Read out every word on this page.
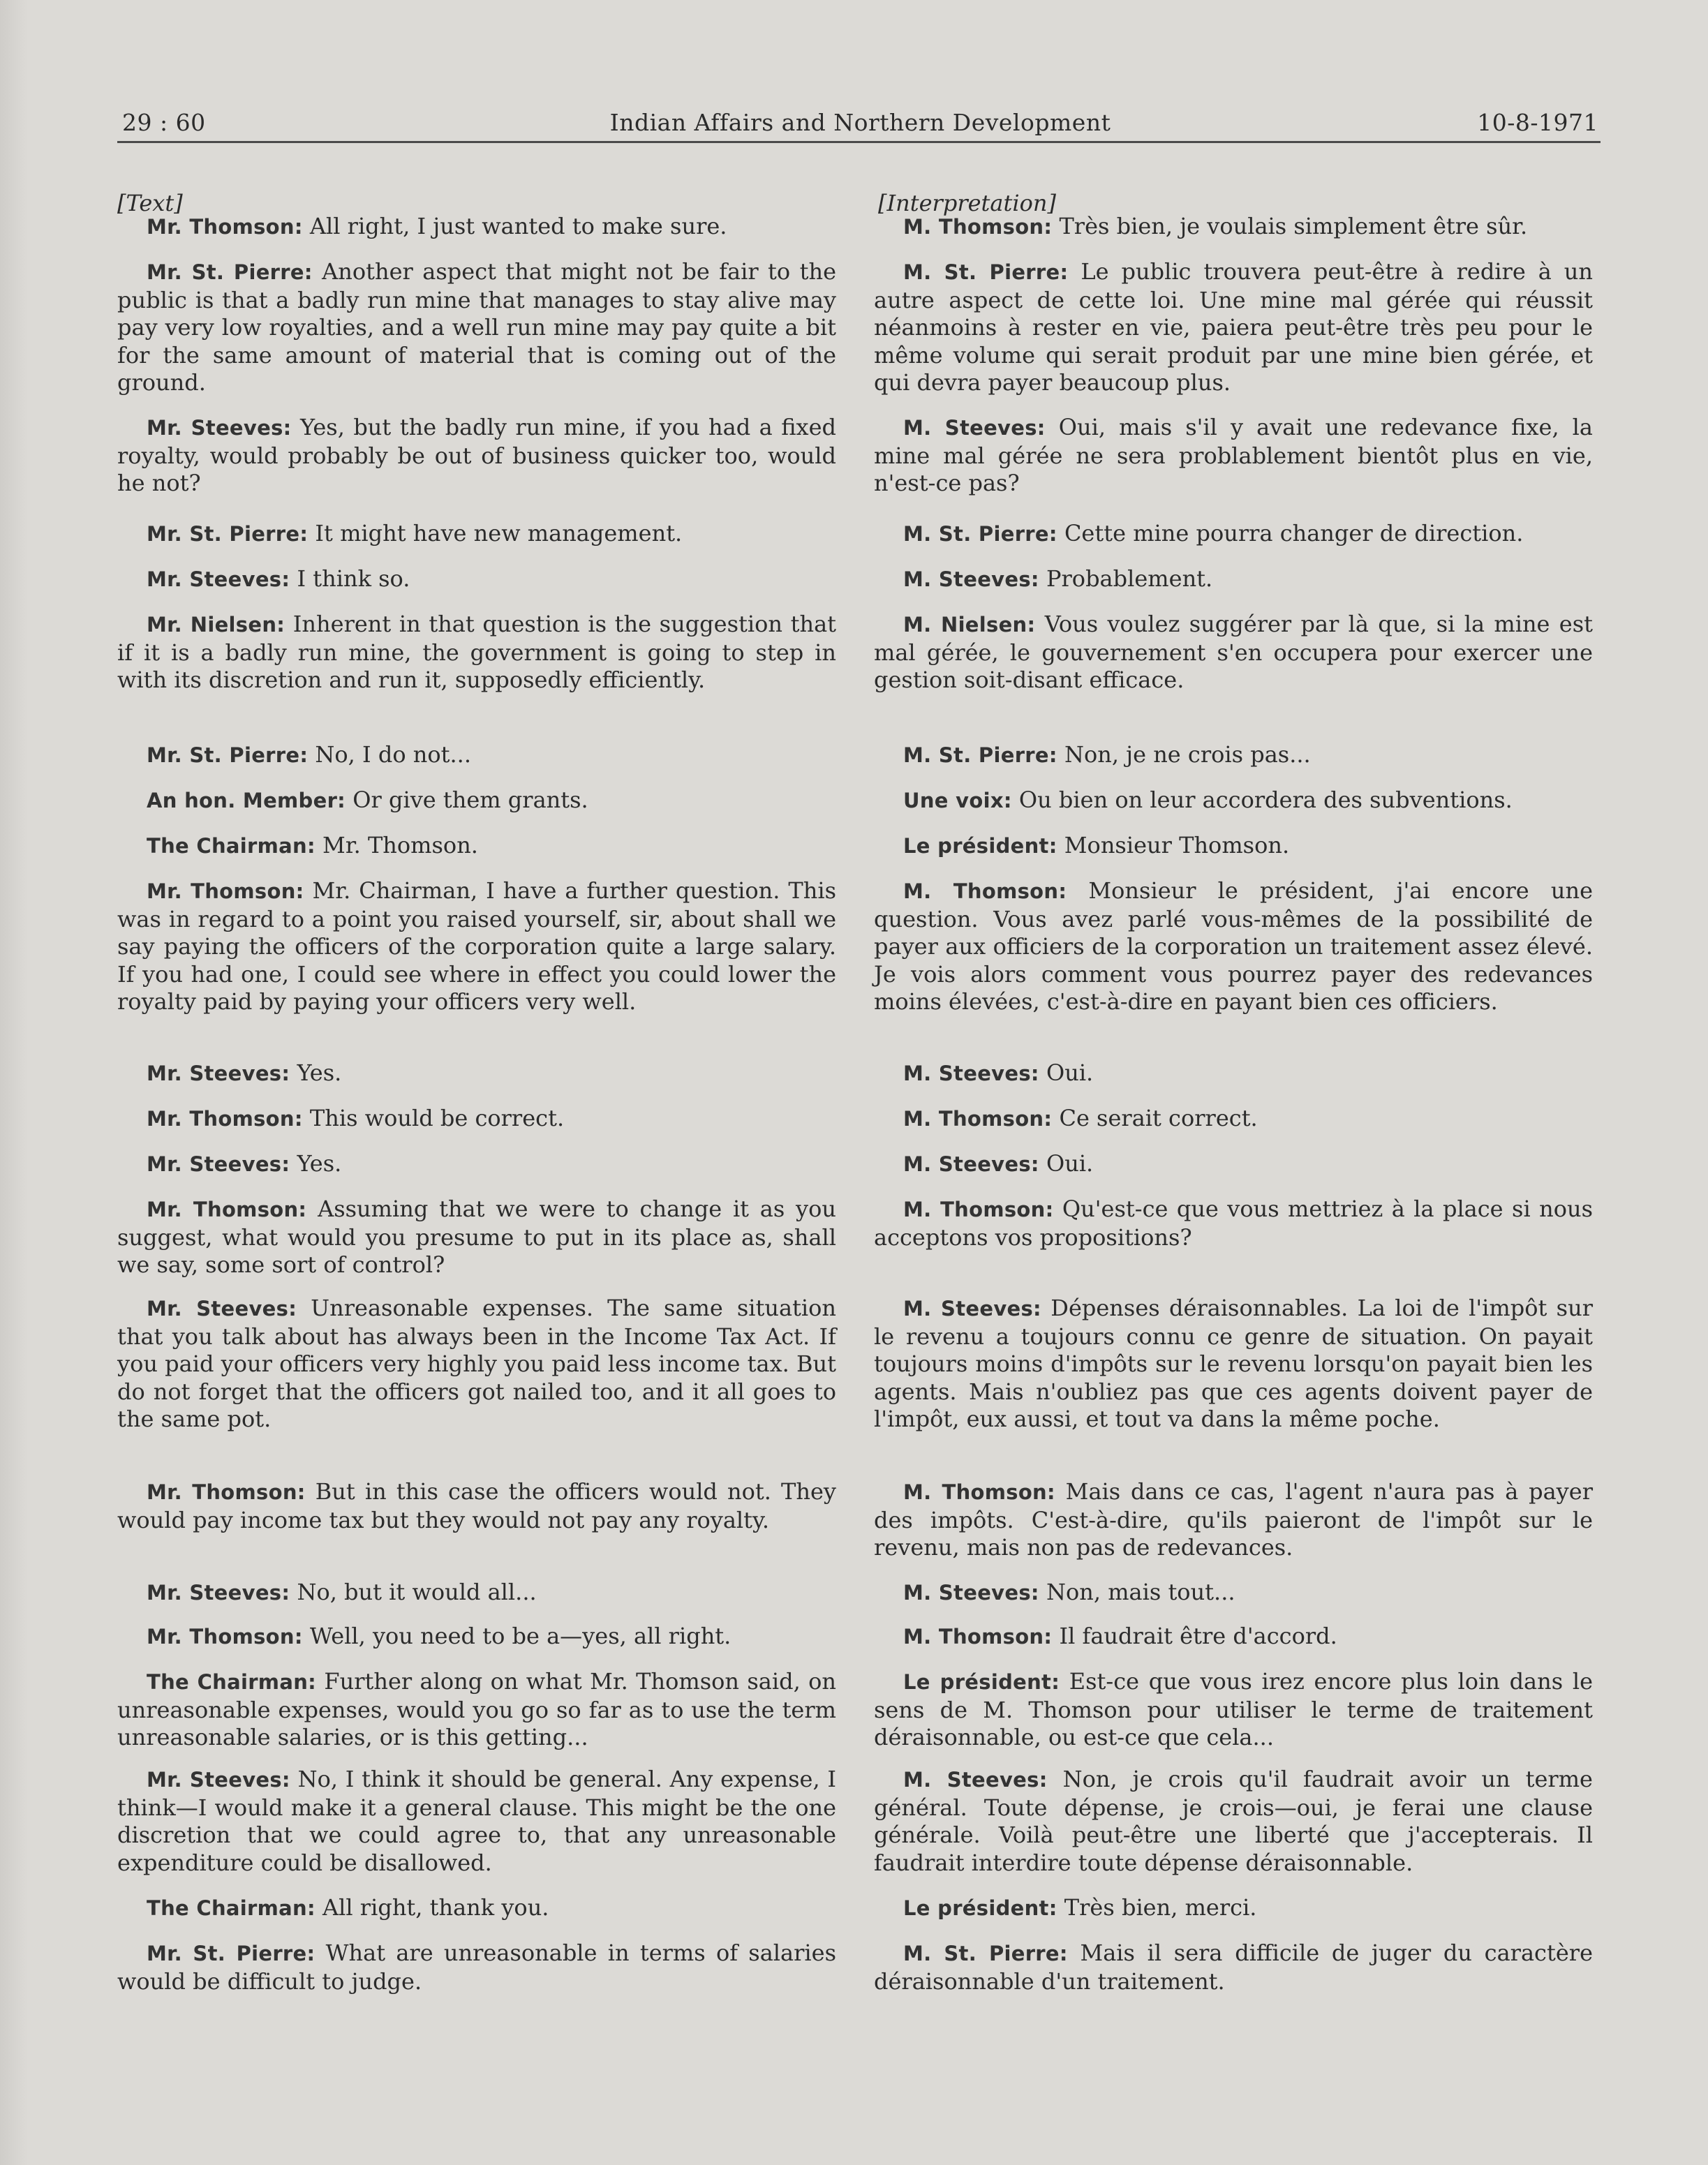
29 : 60	Indian Affairs and Northern Development	10-8-1971
[Text]

Mr. Thomson: All right, I just wanted to make sure.

Mr. St. Pierre: Another aspect that might not be fair to the public is that a badly run mine that manages to stay alive may pay very low royalties, and a well run mine may pay quite a bit for the same amount of material that is coming out of the ground.

Mr. Steeves: Yes, but the badly run mine, if you had a fixed royalty, would probably be out of business quicker too, would he not?

Mr. St. Pierre: It might have new management.

Mr. Steeves: I think so.

Mr. Nielsen: Inherent in that question is the suggestion that if it is a badly run mine, the government is going to step in with its discretion and run it, supposedly efficiently.

Mr. St. Pierre: No, I do not...

An hon. Member: Or give them grants.

The Chairman: Mr. Thomson.

Mr. Thomson: Mr. Chairman, I have a further question. This was in regard to a point you raised yourself, sir, about shall we say paying the officers of the corporation quite a large salary. If you had one, I could see where in effect you could lower the royalty paid by paying your officers very well.

Mr. Steeves: Yes.

Mr. Thomson: This would be correct.

Mr. Steeves: Yes.

Mr. Thomson: Assuming that we were to change it as you suggest, what would you presume to put in its place as, shall we say, some sort of control?

Mr. Steeves: Unreasonable expenses. The same situation that you talk about has always been in the Income Tax Act. If you paid your officers very highly you paid less income tax. But do not forget that the officers got nailed too, and it all goes to the same pot.

Mr. Thomson: But in this case the officers would not. They would pay income tax but they would not pay any royalty.

Mr. Steeves: No, but it would all...

Mr. Thomson: Well, you need to be a—yes, all right.

The Chairman: Further along on what Mr. Thomson said, on unreasonable expenses, would you go so far as to use the term unreasonable salaries, or is this getting...

Mr. Steeves: No, I think it should be general. Any expense, I think—I would make it a general clause. This might be the one discretion that we could agree to, that any unreasonable expenditure could be disallowed.

The Chairman: All right, thank you.

Mr. St. Pierre: What are unreasonable in terms of salaries would be difficult to judge.

[Interpretation]

M. Thomson: Très bien, je voulais simplement être sûr.

M. St. Pierre: Le public trouvera peut-être à redire à un autre aspect de cette loi. Une mine mal gérée qui réussit néanmoins à rester en vie, paiera peut-être très peu pour le même volume qui serait produit par une mine bien gérée, et qui devra payer beaucoup plus.

M. Steeves: Oui, mais s'il y avait une redevance fixe, la mine mal gérée ne sera problablement bientôt plus en vie, n'est-ce pas?

M. St. Pierre: Cette mine pourra changer de direction.

M. Steeves: Probablement.

M. Nielsen: Vous voulez suggérer par là que, si la mine est mal gérée, le gouvernement s'en occupera pour exercer une gestion soit-disant efficace.

M. St. Pierre: Non, je ne crois pas...

Une voix: Ou bien on leur accordera des subventions.

Le président: Monsieur Thomson.

M. Thomson: Monsieur le président, j'ai encore une question. Vous avez parlé vous-mêmes de la possibilité de payer aux officiers de la corporation un traitement assez élevé. Je vois alors comment vous pourrez payer des redevances moins élevées, c'est-à-dire en payant bien ces officiers.

M. Steeves: Oui.

M. Thomson: Ce serait correct.

M. Steeves: Oui.

M. Thomson: Qu'est-ce que vous mettriez à la place si nous acceptons vos propositions?

M. Steeves: Dépenses déraisonnables. La loi de l'impôt sur le revenu a toujours connu ce genre de situation. On payait toujours moins d'impôts sur le revenu lorsqu'on payait bien les agents. Mais n'oubliez pas que ces agents doivent payer de l'impôt, eux aussi, et tout va dans la même poche.

M. Thomson: Mais dans ce cas, l'agent n'aura pas à payer des impôts. C'est-à-dire, qu'ils paieront de l'impôt sur le revenu, mais non pas de redevances.

M. Steeves: Non, mais tout...

M. Thomson: Il faudrait être d'accord.

Le président: Est-ce que vous irez encore plus loin dans le sens de M. Thomson pour utiliser le terme de traitement déraisonnable, ou est-ce que cela...

M. Steeves: Non, je crois qu'il faudrait avoir un terme général. Toute dépense, je crois—oui, je ferai une clause générale. Voilà peut-être une liberté que j'accepterais. Il faudrait interdire toute dépense déraisonnable.

Le président: Très bien, merci.

M. St. Pierre: Mais il sera difficile de juger du caractère déraisonnable d'un traitement.
